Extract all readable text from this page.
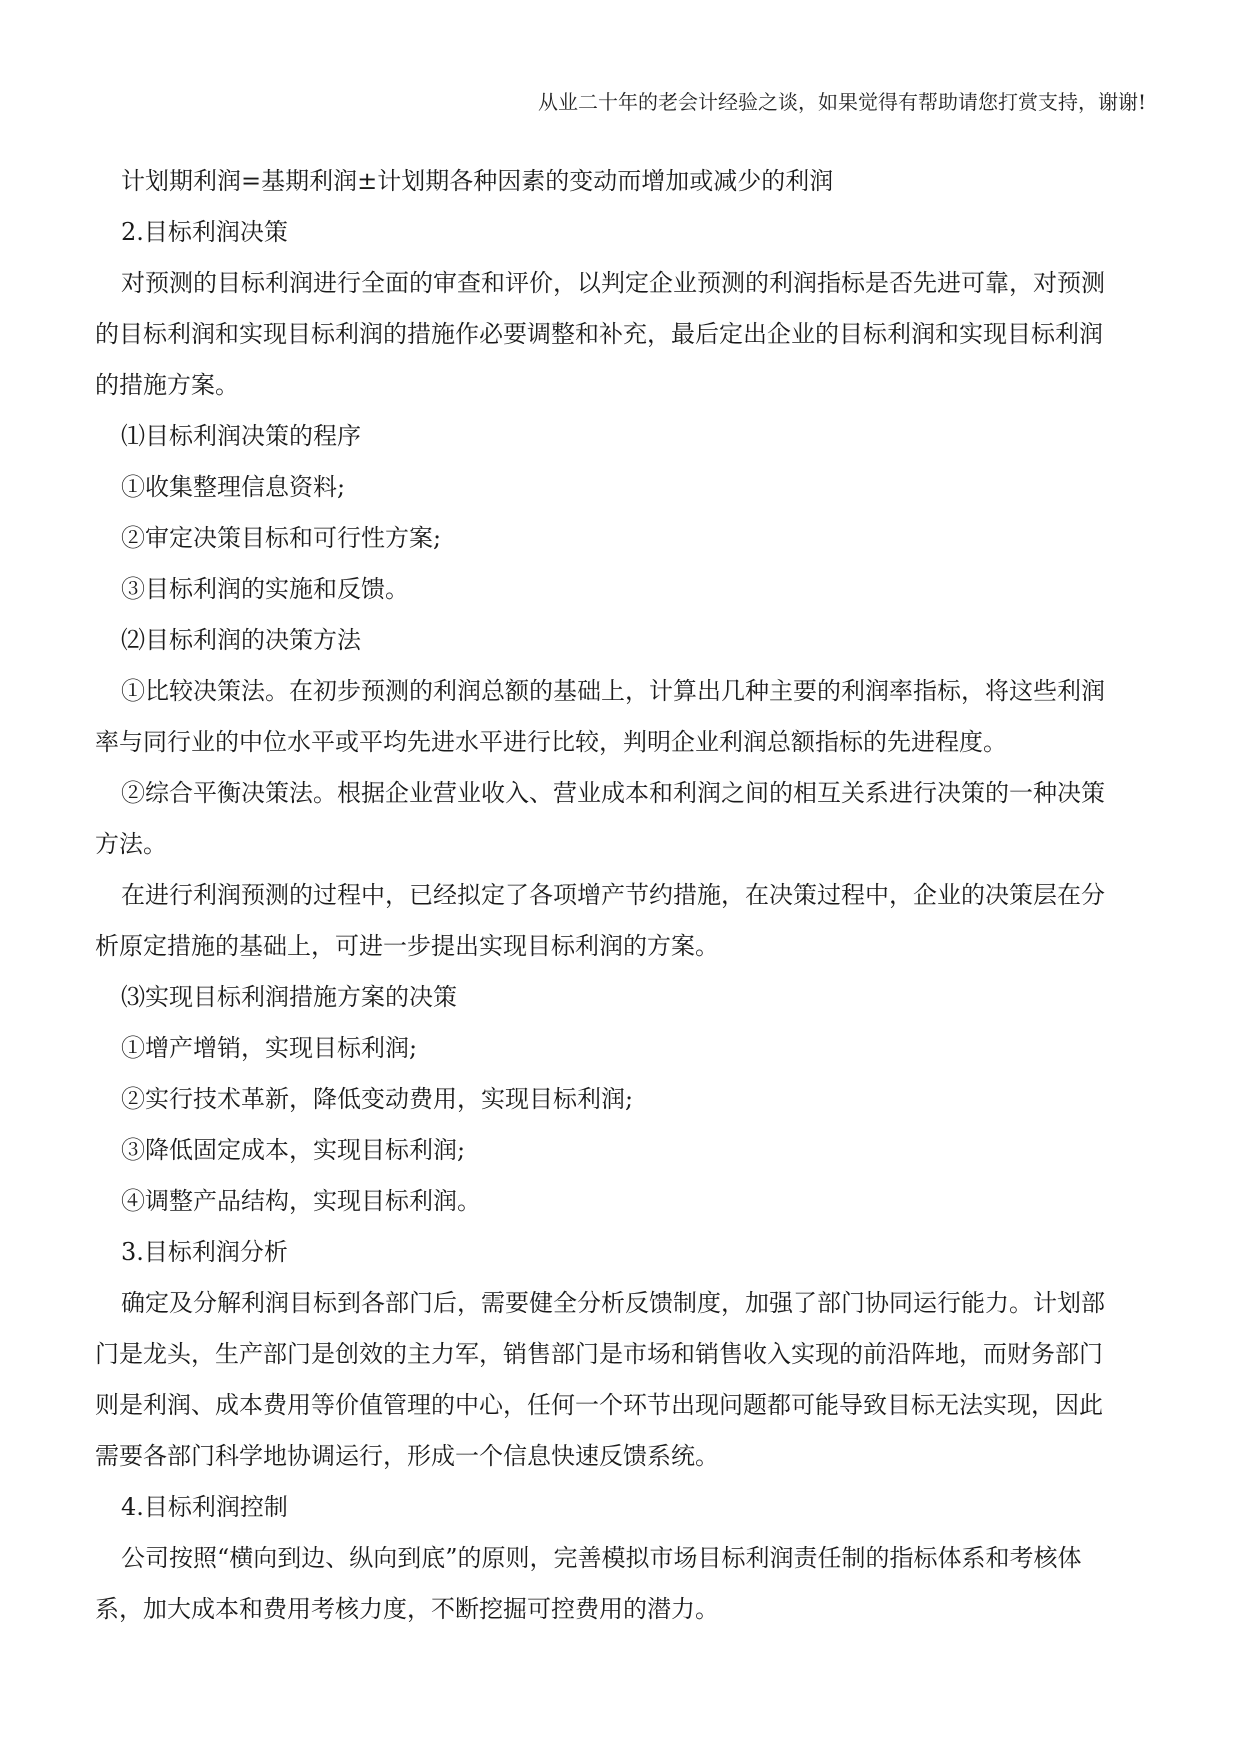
从业二十年的老会计经验之谈，如果觉得有帮助请您打赏支持，谢谢!
计划期利润=基期利润±计划期各种因素的变动而增加或减少的利润
2.目标利润决策
对预测的目标利润进行全面的审查和评价，以判定企业预测的利润指标是否先进可靠，对预测
的目标利润和实现目标利润的措施作必要调整和补充，最后定出企业的目标利润和实现目标利润
的措施方案。
⑴目标利润决策的程序
①收集整理信息资料;
②审定决策目标和可行性方案;
③目标利润的实施和反馈。
⑵目标利润的决策方法
①比较决策法。在初步预测的利润总额的基础上，计算出几种主要的利润率指标，将这些利润
率与同行业的中位水平或平均先进水平进行比较，判明企业利润总额指标的先进程度。
②综合平衡决策法。根据企业营业收入、营业成本和利润之间的相互关系进行决策的一种决策
方法。
在进行利润预测的过程中，已经拟定了各项增产节约措施，在决策过程中，企业的决策层在分
析原定措施的基础上，可进一步提出实现目标利润的方案。
⑶实现目标利润措施方案的决策
①增产增销，实现目标利润;
②实行技术革新，降低变动费用，实现目标利润;
③降低固定成本，实现目标利润;
④调整产品结构，实现目标利润。
3.目标利润分析
确定及分解利润目标到各部门后，需要健全分析反馈制度，加强了部门协同运行能力。计划部
门是龙头，生产部门是创效的主力军，销售部门是市场和销售收入实现的前沿阵地，而财务部门
则是利润、成本费用等价值管理的中心，任何一个环节出现问题都可能导致目标无法实现，因此
需要各部门科学地协调运行，形成一个信息快速反馈系统。
4.目标利润控制
公司按照“横向到边、纵向到底”的原则，完善模拟市场目标利润责任制的指标体系和考核体
系，加大成本和费用考核力度，不断挖掘可控费用的潜力。
